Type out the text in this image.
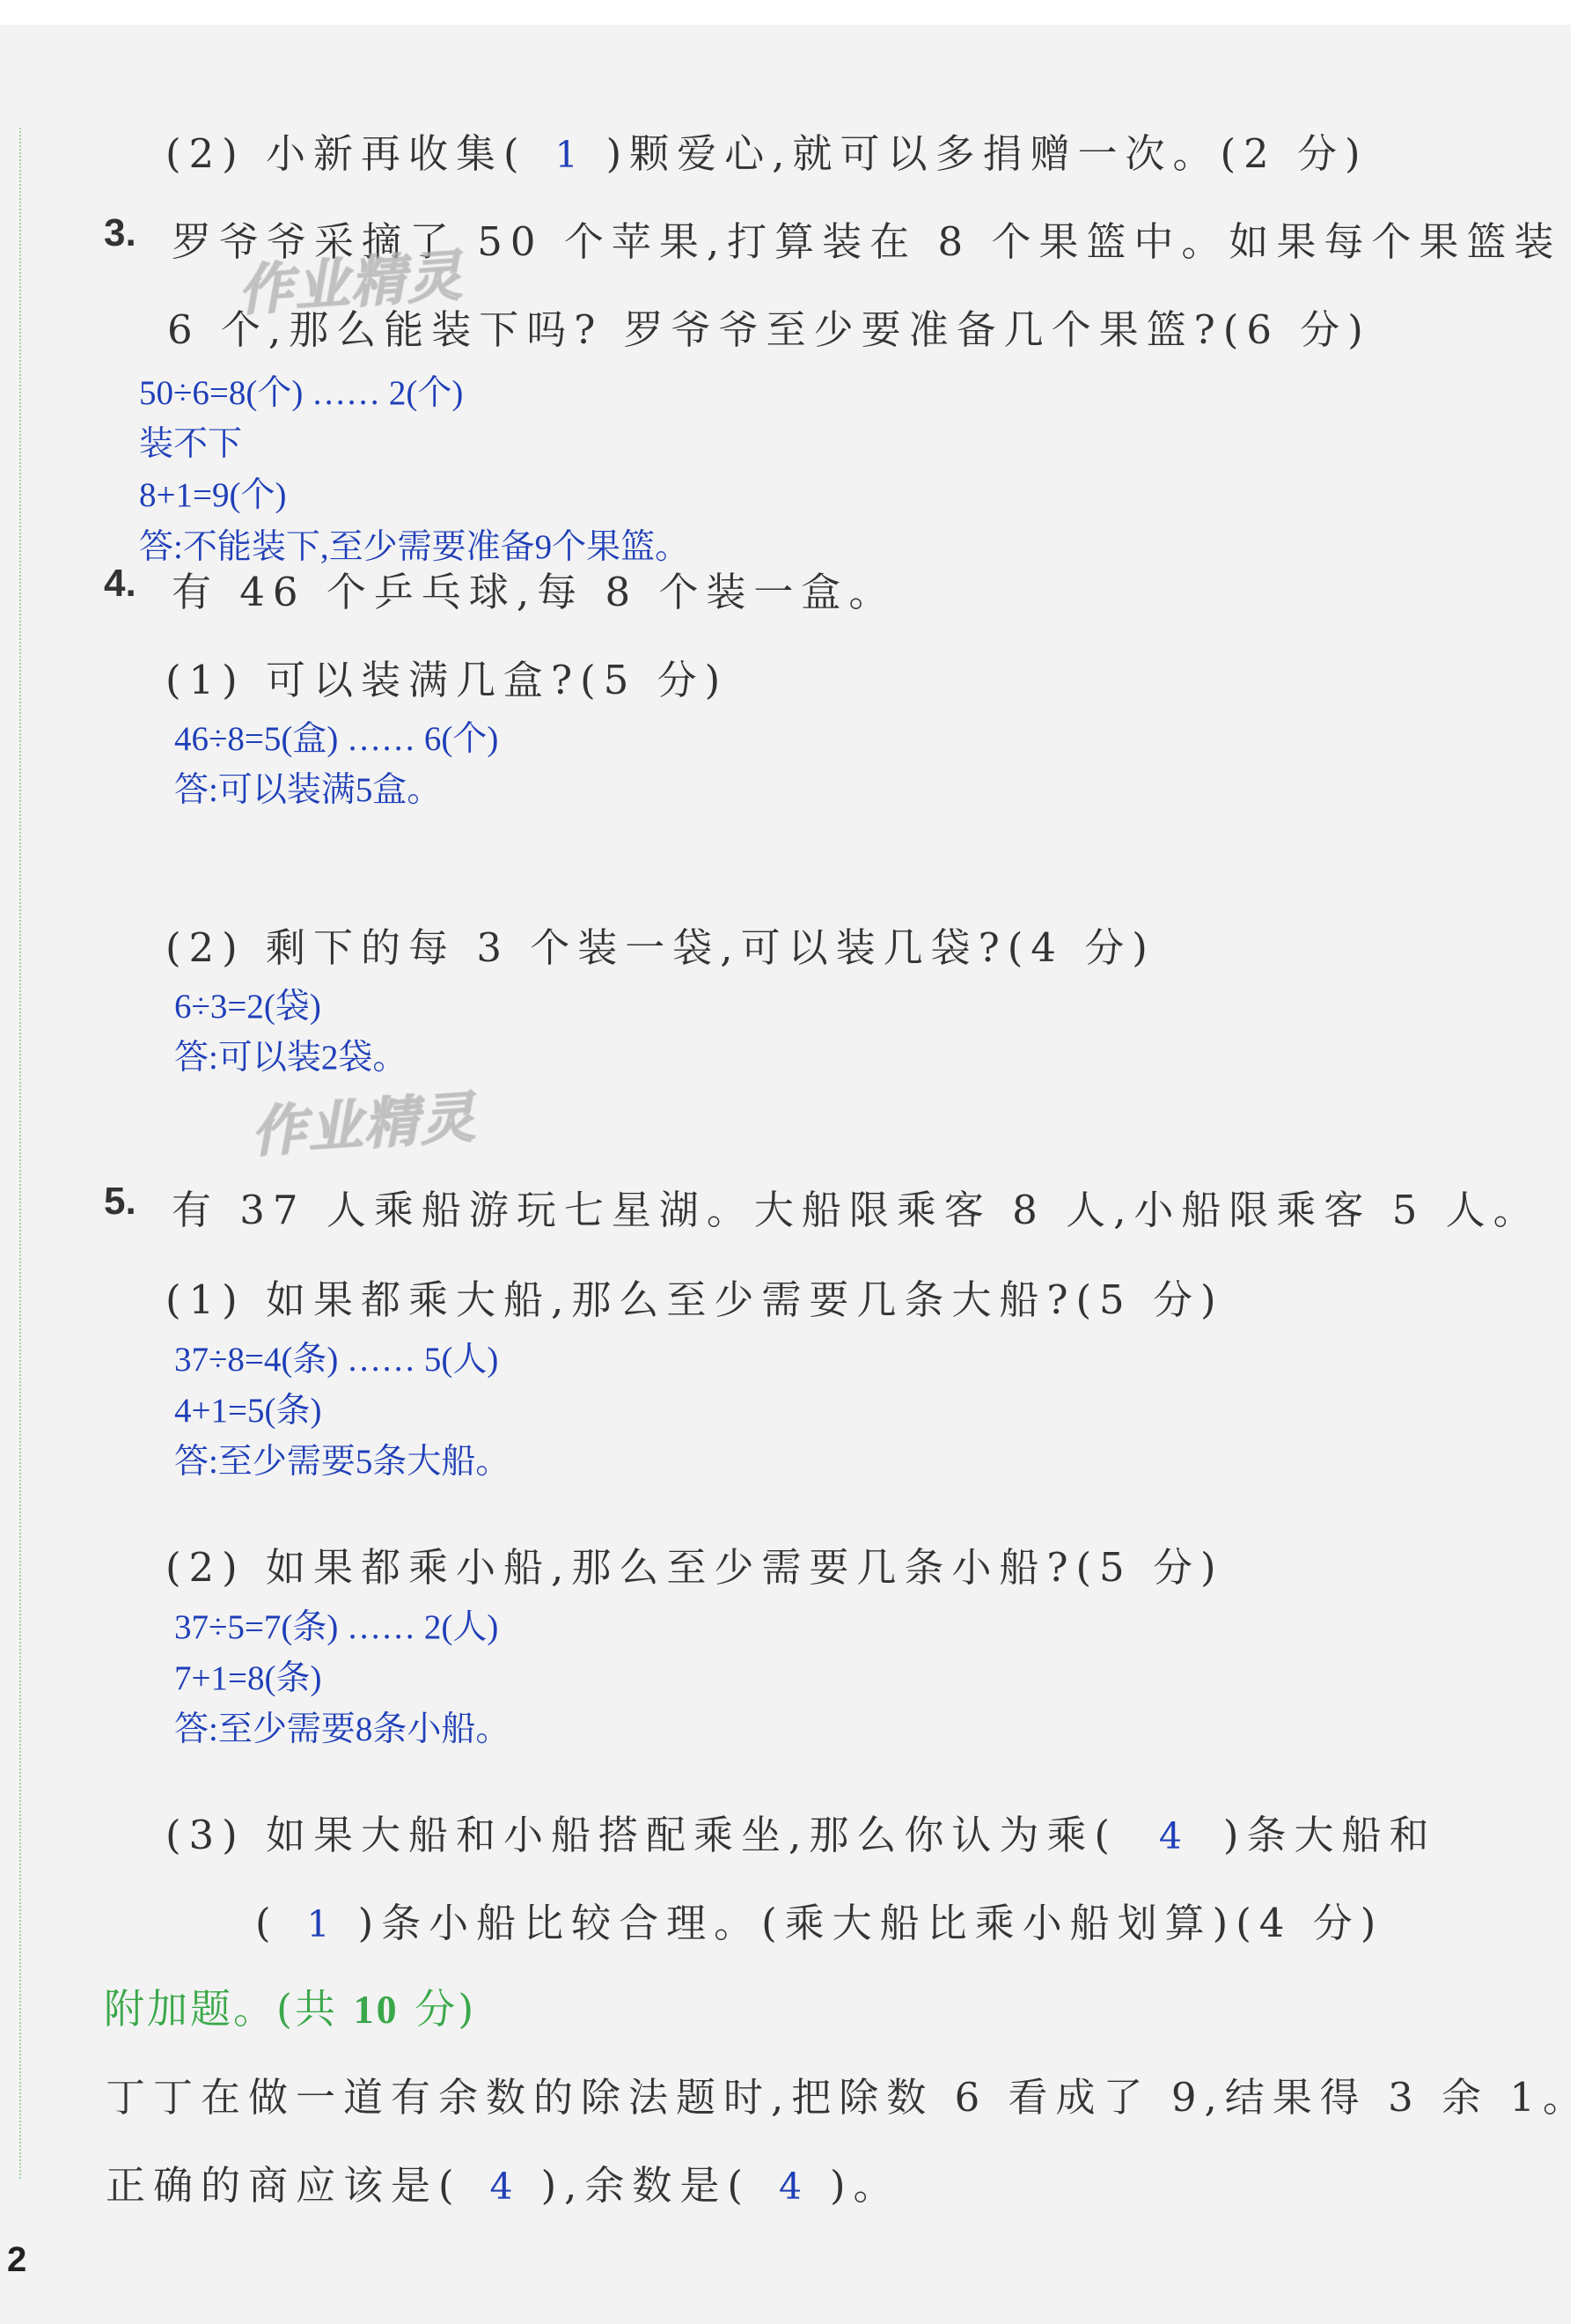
(2) 小新再收集( 1 )颗爱心,就可以多捐赠一次。(2 分)
3. 罗爷爷采摘了 50 个苹果,打算装在 8 个果篮中。如果每个果篮装
6 个,那么能装下吗? 罗爷爷至少要准备几个果篮?(6 分)
作业精灵
50÷6=8(个) …… 2(个)
装不下
8+1=9(个)
答:不能装下,至少需要准备9个果篮。
4. 有 46 个乒乓球,每 8 个装一盒。
(1) 可以装满几盒?(5 分)
46÷8=5(盒) …… 6(个)
答:可以装满5盒。
(2) 剩下的每 3 个装一袋,可以装几袋?(4 分)
6÷3=2(袋)
答:可以装2袋。
作业精灵
5. 有 37 人乘船游玩七星湖。大船限乘客 8 人,小船限乘客 5 人。
(1) 如果都乘大船,那么至少需要几条大船?(5 分)
37÷8=4(条) …… 5(人)
4+1=5(条)
答:至少需要5条大船。
(2) 如果都乘小船,那么至少需要几条小船?(5 分)
37÷5=7(条) …… 2(人)
7+1=8(条)
答:至少需要8条小船。
(3) 如果大船和小船搭配乘坐,那么你认为乘( 4 )条大船和
( 1 )条小船比较合理。(乘大船比乘小船划算)(4 分)
附加题。(共 10 分)
丁丁在做一道有余数的除法题时,把除数 6 看成了 9,结果得 3 余 1。
正确的商应该是( 4 ),余数是( 4 )。
2
